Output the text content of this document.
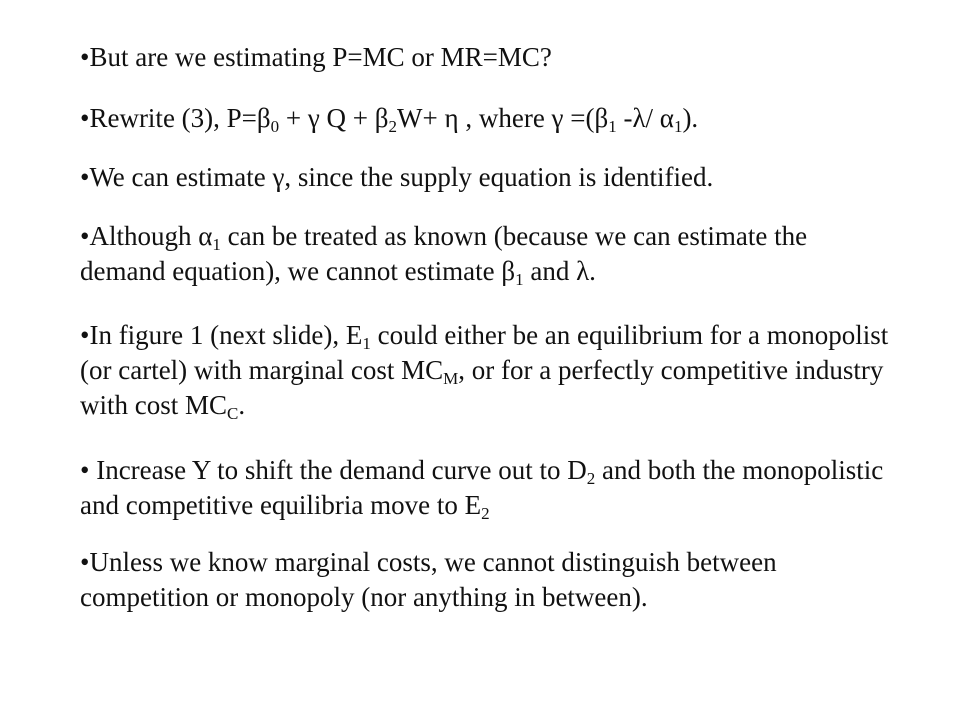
•But are we estimating P=MC or MR=MC?

•Rewrite (3), $P=\beta_0 + \gamma$ $Q + \beta_2W+ \eta$ , where $\gamma =(\beta_1$ -λ/ $\alpha_1$).

•We can estimate γ, since the supply equation is identified.

•Although $\alpha_1$ can be treated as known (because we can estimate the demand equation), we cannot estimate $\beta_1$ and λ.

•In figure 1 (next slide), $E_1$ could either be an equilibrium for a monopolist (or cartel) with marginal cost $MC_M$, or for a perfectly competitive industry with cost $MC_C$.

• Increase Y to shift the demand curve out to $D_2$ and both the monopolistic and competitive equilibria move to $E_2$

•Unless we know marginal costs, we cannot distinguish between competition or monopoly (nor anything in between).
